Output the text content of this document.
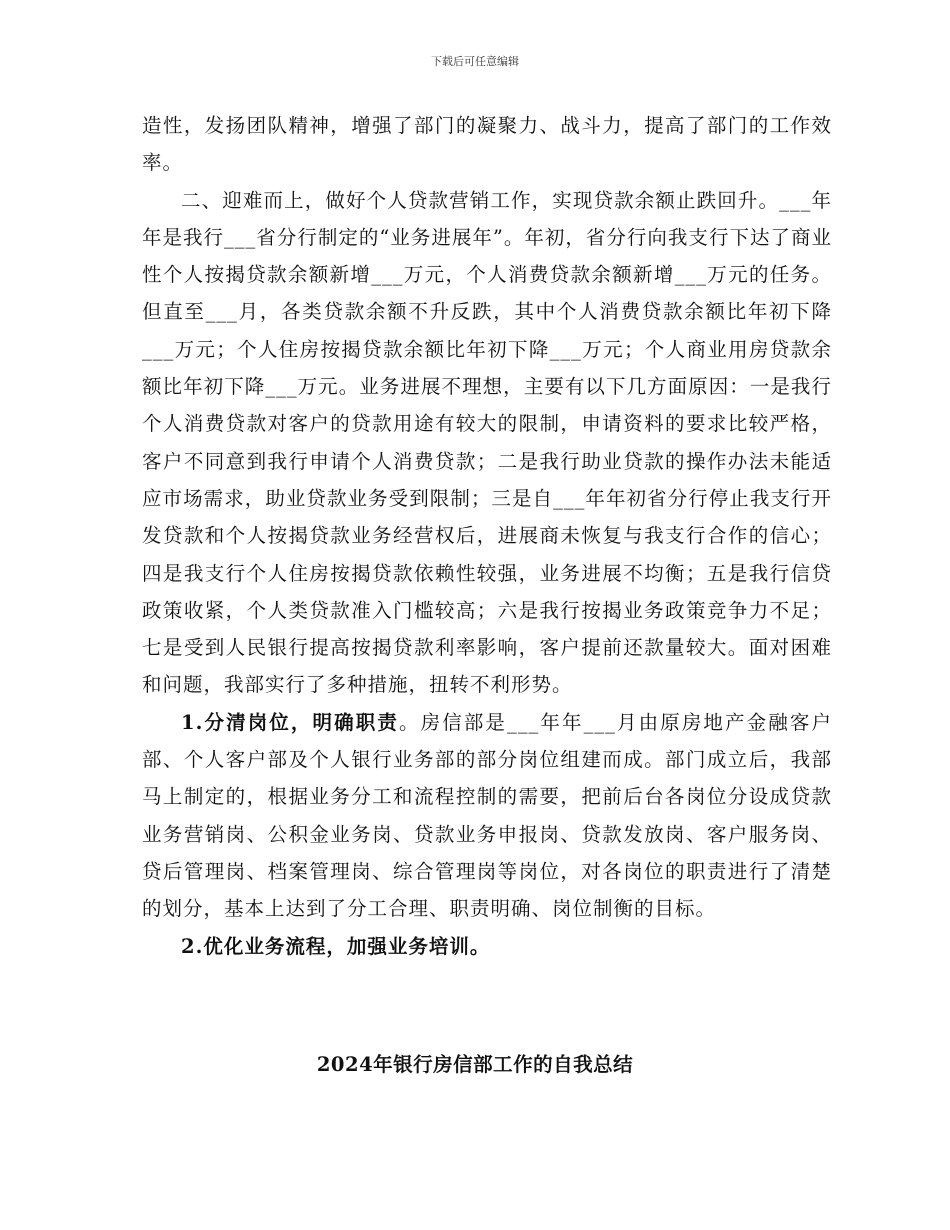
下载后可任意编辑

造性，发扬团队精神，增强了部门的凝聚力、战斗力，提高了部门的工作效率。

二、迎难而上，做好个人贷款营销工作，实现贷款余额止跌回升。___年年是我行___省分行制定的“业务进展年”。年初，省分行向我支行下达了商业性个人按揭贷款余额新增___万元，个人消费贷款余额新增___万元的任务。但直至___月，各类贷款余额不升反跌，其中个人消费贷款余额比年初下降___万元；个人住房按揭贷款余额比年初下降___万元；个人商业用房贷款余额比年初下降___万元。业务进展不理想，主要有以下几方面原因：一是我行个人消费贷款对客户的贷款用途有较大的限制，申请资料的要求比较严格，客户不同意到我行申请个人消费贷款；二是我行助业贷款的操作办法未能适应市场需求，助业贷款业务受到限制；三是自___年年初省分行停止我支行开发贷款和个人按揭贷款业务经营权后，进展商未恢复与我支行合作的信心；四是我支行个人住房按揭贷款依赖性较强，业务进展不均衡；五是我行信贷政策收紧，个人类贷款准入门槛较高；六是我行按揭业务政策竞争力不足；七是受到人民银行提高按揭贷款利率影响，客户提前还款量较大。面对困难和问题，我部实行了多种措施，扭转不利形势。

1.分清岗位，明确职责。房信部是___年年___月由原房地产金融客户部、个人客户部及个人银行业务部的部分岗位组建而成。部门成立后，我部马上制定的，根据业务分工和流程控制的需要，把前后台各岗位分设成贷款业务营销岗、公积金业务岗、贷款业务申报岗、贷款发放岗、客户服务岗、贷后管理岗、档案管理岗、综合管理岗等岗位，对各岗位的职责进行了清楚的划分，基本上达到了分工合理、职责明确、岗位制衡的目标。

2.优化业务流程，加强业务培训。

2024年银行房信部工作的自我总结
